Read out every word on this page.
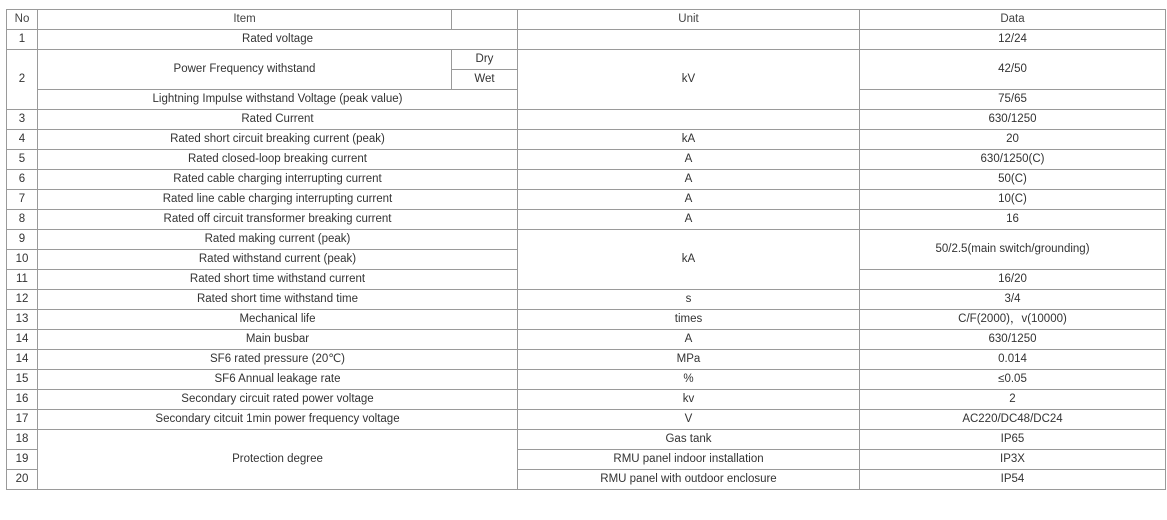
No	Item		Unit	Data
1	Rated voltage			12/24
2	Power Frequency withstand	Dry	kV	42/50
		Wet		
	Lightning Impulse withstand Voltage (peak value)			75/65
3	Rated Current			630/1250
4	Rated short circuit breaking current (peak)		kA	20
5	Rated closed-loop breaking current		A	630/1250(C)
6	Rated cable charging interrupting current		A	50(C)
7	Rated line cable charging interrupting current		A	10(C)
8	Rated off circuit transformer breaking current		A	16
9	Rated making current (peak)		kA	50/2.5(main switch/grounding)
10	Rated withstand current (peak)			
11	Rated short time withstand current			16/20
12	Rated short time withstand time		s	3/4
13	Mechanical life		times	C/F(2000)，v(10000)
14	Main busbar		A	630/1250
14	SF6 rated pressure (20℃)		MPa	0.014
15	SF6 Annual leakage rate		%	≤0.05
16	Secondary circuit rated power voltage		kv	2
17	Secondary citcuit 1min power frequency voltage		V	AC220/DC48/DC24
18	Protection degree		Gas tank	IP65
19			RMU panel indoor installation	IP3X
20			RMU panel with outdoor enclosure	IP54
